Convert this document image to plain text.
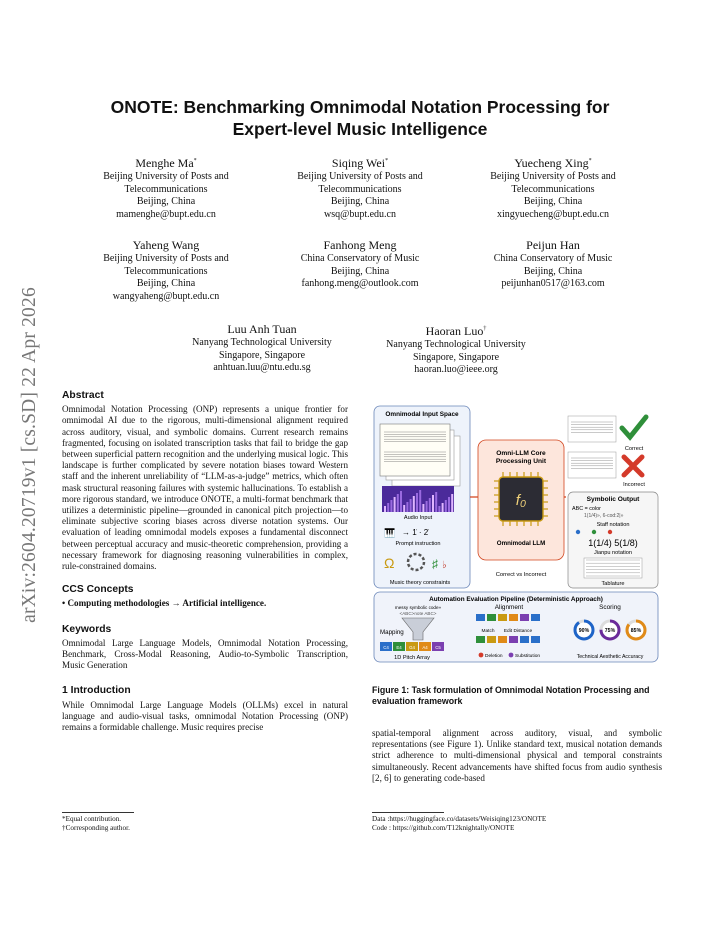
arXiv:2604.20719v1 [cs.SD] 22 Apr 2026
ONOTE: Benchmarking Omnimodal Notation Processing for
Expert-level Music Intelligence
Menghe Ma*
Beijing University of Posts and
Telecommunications
Beijing, China
mamenghe@bupt.edu.cn
Siqing Wei*
Beijing University of Posts and
Telecommunications
Beijing, China
wsq@bupt.edu.cn
Yuecheng Xing*
Beijing University of Posts and
Telecommunications
Beijing, China
xingyuecheng@bupt.edu.cn
Yaheng Wang
Beijing University of Posts and
Telecommunications
Beijing, China
wangyaheng@bupt.edu.cn
Fanhong Meng
China Conservatory of Music
Beijing, China
fanhong.meng@outlook.com
Peijun Han
China Conservatory of Music
Beijing, China
peijunhan0517@163.com
Luu Anh Tuan
Nanyang Technological University
Singapore, Singapore
anhtuan.luu@ntu.edu.sg
Haoran Luo†
Nanyang Technological University
Singapore, Singapore
haoran.luo@ieee.org
Abstract

Omnimodal Notation Processing (ONP) represents a unique frontier for omnimodal AI due to the rigorous, multi-dimensional alignment required across auditory, visual, and symbolic domains. Current research remains fragmented, focusing on isolated transcription tasks that fail to bridge the gap between superficial pattern recognition and the underlying musical logic. This landscape is further complicated by severe notation biases toward Western staff and the inherent unreliability of “LLM-as-a-judge” metrics, which often mask structural reasoning failures with systemic hallucinations. To establish a more rigorous standard, we introduce ONOTE, a multi-format benchmark that utilizes a deterministic pipeline—grounded in canonical pitch projection—to eliminate subjective scoring biases across diverse notation systems. Our evaluation of leading omnimodal models exposes a fundamental disconnect between perceptual accuracy and music-theoretic comprehension, providing a necessary framework for diagnosing reasoning vulnerabilities in complex, rule-constrained domains.

CCS Concepts

• Computing methodologies → Artificial intelligence.

Keywords

Omnimodal Large Language Models, Omnimodal Notation Processing, Benchmark, Cross-Modal Reasoning, Audio-to-Symbolic Transcription, Music Generation

1 Introduction

While Omnimodal Large Language Models (OLLMs) excel in natural language and audio-visual tasks, omnimodal Notation Processing (ONP) remains a formidable challenge. Music requires precise

*Equal contribution.
†Corresponding author.
Omnimodal Input Space
Audio Input
🎹 → 1̇ · 2̇
Prompt instruction
Ω	♯ ♭
Music theory constraints
Omni-LLM Core
Processing Unit
f₀
Omnimodal LLM
Correct vs Incorrect
Correct
Incorrect
Symbolic Output
ABC = color
1(1/4)», 6-cod:2|»
Staff notation
1(1/4) 5(1/8)
Jianpu notation
Tablature
Automation Evaluation Pipeline (Deterministic Approach)
messy symbolic code»
<ABC>note ABC>
Mapping
C4 E4 G4 A4 C5
1D Pitch Array
Alignment
Match Edit Distance
Deletion	Substitution
Scoring
90%	75%	85%
Technical Aesthetic Accuracy
Figure 1: Task formulation of Omnimodal Notation Processing and evaluation framework

spatial-temporal alignment across auditory, visual, and symbolic representations (see Figure 1). Unlike standard text, musical notation demands strict adherence to multi-dimensional physical and temporal constraints simultaneously. Recent advancements have shifted focus from audio synthesis [2, 6] to generating code-based

Data :https://huggingface.co/datasets/Weisiqing123/ONOTE
Code : https://github.com/T12knightally/ONOTE
